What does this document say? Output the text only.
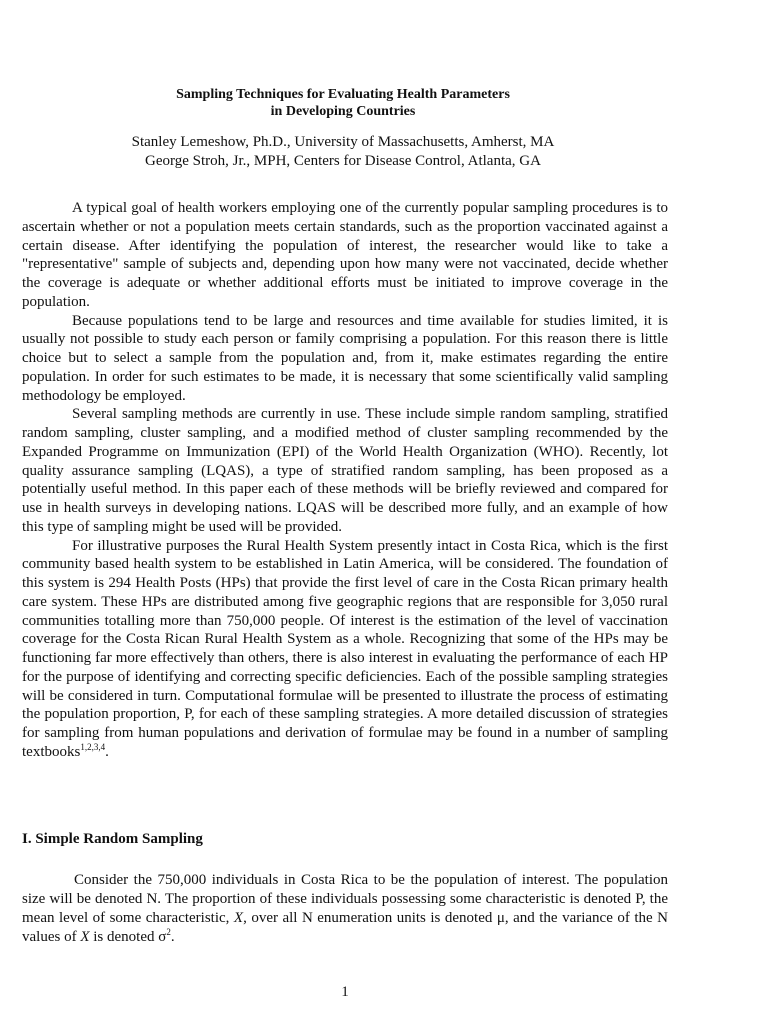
Sampling Techniques for Evaluating Health Parameters
in Developing Countries
Stanley Lemeshow, Ph.D., University of Massachusetts, Amherst, MA
George Stroh, Jr., MPH, Centers for Disease Control, Atlanta, GA

A typical goal of health workers employing one of the currently popular sampling procedures is to ascertain whether or not a population meets certain standards, such as the proportion vaccinated against a certain disease. After identifying the population of interest, the researcher would like to take a "representative" sample of subjects and, depending upon how many were not vaccinated, decide whether the coverage is adequate or whether additional efforts must be initiated to improve coverage in the population.

Because populations tend to be large and resources and time available for studies limited, it is usually not possible to study each person or family comprising a population. For this reason there is little choice but to select a sample from the population and, from it, make estimates regarding the entire population. In order for such estimates to be made, it is necessary that some scientifically valid sampling methodology be employed.

Several sampling methods are currently in use. These include simple random sampling, stratified random sampling, cluster sampling, and a modified method of cluster sampling recommended by the Expanded Programme on Immunization (EPI) of the World Health Organization (WHO). Recently, lot quality assurance sampling (LQAS), a type of stratified random sampling, has been proposed as a potentially useful method. In this paper each of these methods will be briefly reviewed and compared for use in health surveys in developing nations. LQAS will be described more fully, and an example of how this type of sampling might be used will be provided.

For illustrative purposes the Rural Health System presently intact in Costa Rica, which is the first community based health system to be established in Latin America, will be considered. The foundation of this system is 294 Health Posts (HPs) that provide the first level of care in the Costa Rican primary health care system. These HPs are distributed among five geographic regions that are responsible for 3,050 rural communities totalling more than 750,000 people. Of interest is the estimation of the level of vaccination coverage for the Costa Rican Rural Health System as a whole. Recognizing that some of the HPs may be functioning far more effectively than others, there is also interest in evaluating the performance of each HP for the purpose of identifying and correcting specific deficiencies. Each of the possible sampling strategies will be considered in turn. Computational formulae will be presented to illustrate the process of estimating the population proportion, P, for each of these sampling strategies. A more detailed discussion of strategies for sampling from human populations and derivation of formulae may be found in a number of sampling textbooks$^{1,2,3,4}$.

I. Simple Random Sampling

Consider the 750,000 individuals in Costa Rica to be the population of interest. The population size will be denoted N. The proportion of these individuals possessing some characteristic is denoted P, the mean level of some characteristic, X, over all N enumeration units is denoted μ, and the variance of the N values of X is denoted $\sigma^2$.

1
